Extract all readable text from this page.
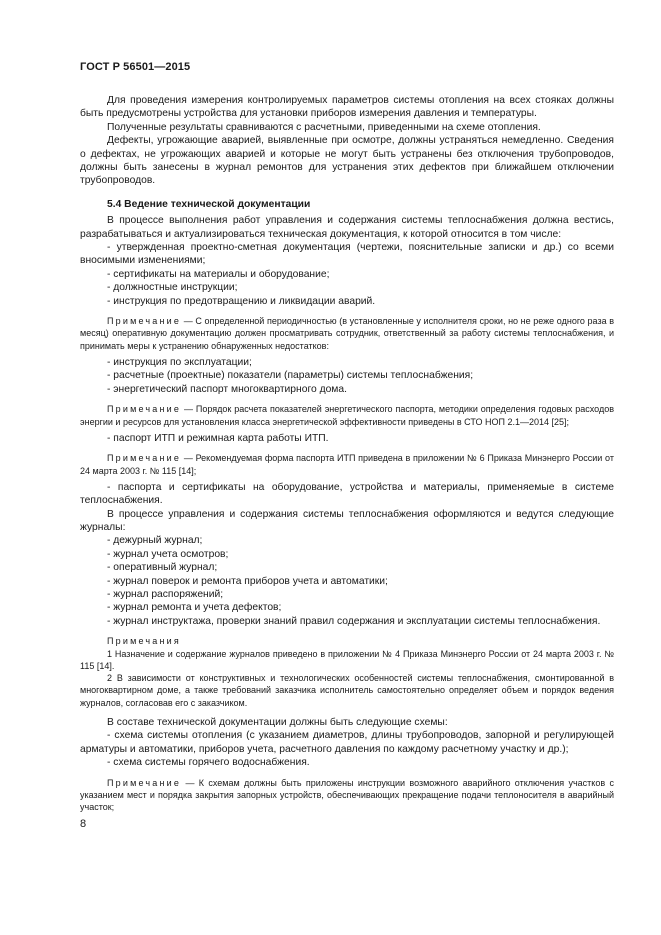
ГОСТ Р 56501—2015

Для проведения измерения контролируемых параметров системы отопления на всех стояках должны быть предусмотрены устройства для установки приборов измерения давления и температуры.

Полученные результаты сравниваются с расчетными, приведенными на схеме отопления.

Дефекты, угрожающие аварией, выявленные при осмотре, должны устраняться немедленно. Сведения о дефектах, не угрожающих аварией и которые не могут быть устранены без отключения трубопроводов, должны быть занесены в журнал ремонтов для устранения этих дефектов при ближайшем отключении трубопроводов.

5.4 Ведение технической документации

В процессе выполнения работ управления и содержания системы теплоснабжения должна вестись, разрабатываться и актуализироваться техническая документация, к которой относится в том числе:

- утвержденная проектно-сметная документация (чертежи, пояснительные записки и др.) со всеми вносимыми изменениями;

- сертификаты на материалы и оборудование;

- должностные инструкции;

- инструкция по предотвращению и ликвидации аварий.

Примечание — С определенной периодичностью (в установленные у исполнителя сроки, но не реже одного раза в месяц) оперативную документацию должен просматривать сотрудник, ответственный за работу системы теплоснабжения, и принимать меры к устранению обнаруженных недостатков:

- инструкция по эксплуатации;

- расчетные (проектные) показатели (параметры) системы теплоснабжения;

- энергетический паспорт многоквартирного дома.

Примечание — Порядок расчета показателей энергетического паспорта, методики определения годовых расходов энергии и ресурсов для установления класса энергетической эффективности приведены в СТО НОП 2.1—2014 [25];

- паспорт ИТП и режимная карта работы ИТП.

Примечание — Рекомендуемая форма паспорта ИТП приведена в приложении № 6 Приказа Минэнерго России от 24 марта 2003 г. № 115 [14];

- паспорта и сертификаты на оборудование, устройства и материалы, применяемые в системе теплоснабжения.

В процессе управления и содержания системы теплоснабжения оформляются и ведутся следующие журналы:

- дежурный журнал;

- журнал учета осмотров;

- оперативный журнал;

- журнал поверок и ремонта приборов учета и автоматики;

- журнал распоряжений;

- журнал ремонта и учета дефектов;

- журнал инструктажа, проверки знаний правил содержания и эксплуатации системы теплоснабжения.

Примечания

1 Назначение и содержание журналов приведено в приложении № 4 Приказа Минэнерго России от 24 марта 2003 г. № 115 [14].

2 В зависимости от конструктивных и технологических особенностей системы теплоснабжения, смонтированной в многоквартирном доме, а также требований заказчика исполнитель самостоятельно определяет объем и порядок ведения журналов, согласовав его с заказчиком.

В составе технической документации должны быть следующие схемы:

- схема системы отопления (с указанием диаметров, длины трубопроводов, запорной и регулирующей арматуры и автоматики, приборов учета, расчетного давления по каждому расчетному участку и др.);

- схема системы горячего водоснабжения.

Примечание — К схемам должны быть приложены инструкции возможного аварийного отключения участков с указанием мест и порядка закрытия запорных устройств, обеспечивающих прекращение подачи теплоносителя в аварийный участок;

8
